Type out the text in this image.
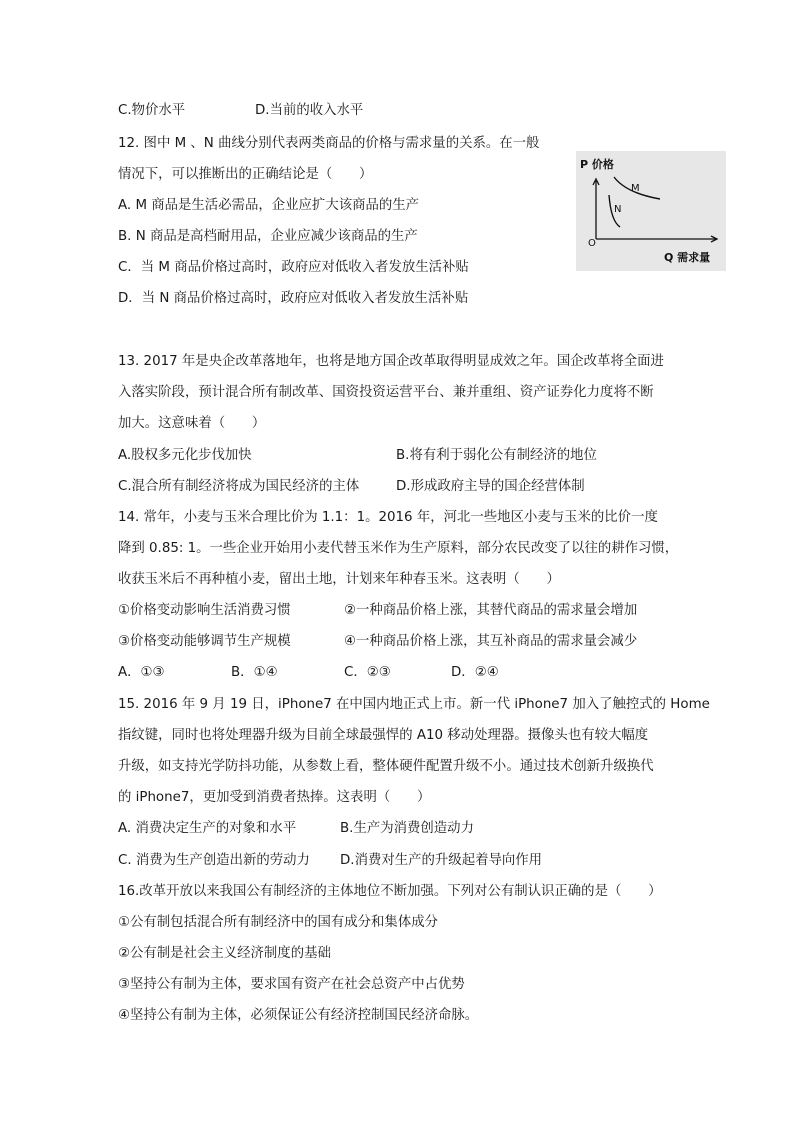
C.物价水平	D.当前的收入水平
12. 图中 M 、N 曲线分别代表两类商品的价格与需求量的关系。在一般
情况下，可以推断出的正确结论是（　　）
A. M 商品是生活必需品，企业应扩大该商品的生产
B. N 商品是高档耐用品，企业应减少该商品的生产
C．当 M 商品价格过高时，政府应对低收入者发放生活补贴
D．当 N 商品价格过高时，政府应对低收入者发放生活补贴
P 价格
Q 需求量
O
M
N
13. 2017 年是央企改革落地年，也将是地方国企改革取得明显成效之年。国企改革将全面进
入落实阶段，预计混合所有制改革、国资投资运营平台、兼并重组、资产证券化力度将不断
加大。这意味着（　　）
A.股权多元化步伐加快	B.将有利于弱化公有制经济的地位
C.混合所有制经济将成为国民经济的主体	D.形成政府主导的国企经营体制
14. 常年，小麦与玉米合理比价为 1.1：1。2016 年，河北一些地区小麦与玉米的比价一度
降到 0.85: 1。一些企业开始用小麦代替玉米作为生产原料，部分农民改变了以往的耕作习惯，
收获玉米后不再种植小麦，留出土地，计划来年种春玉米。这表明（　　）
①价格变动影响生活消费习惯	②一种商品价格上涨，其替代商品的需求量会增加
③价格变动能够调节生产规模	④一种商品价格上涨，其互补商品的需求量会减少
A．①③	B．①④	C．②③	D．②④
15. 2016 年 9 月 19 日，iPhone7 在中国内地正式上市。新一代 iPhone7 加入了触控式的 Home
指纹键，同时也将处理器升级为目前全球最强悍的 A10 移动处理器。摄像头也有较大幅度
升级，如支持光学防抖功能，从参数上看，整体硬件配置升级不小。通过技术创新升级换代
的 iPhone7，更加受到消费者热捧。这表明（　　）
A. 消费决定生产的对象和水平	B.生产为消费创造动力
C. 消费为生产创造出新的劳动力 D.消费对生产的升级起着导向作用
16.改革开放以来我国公有制经济的主体地位不断加强。下列对公有制认识正确的是（　　）
①公有制包括混合所有制经济中的国有成分和集体成分
②公有制是社会主义经济制度的基础
③坚持公有制为主体，要求国有资产在社会总资产中占优势
④坚持公有制为主体，必须保证公有经济控制国民经济命脉。
